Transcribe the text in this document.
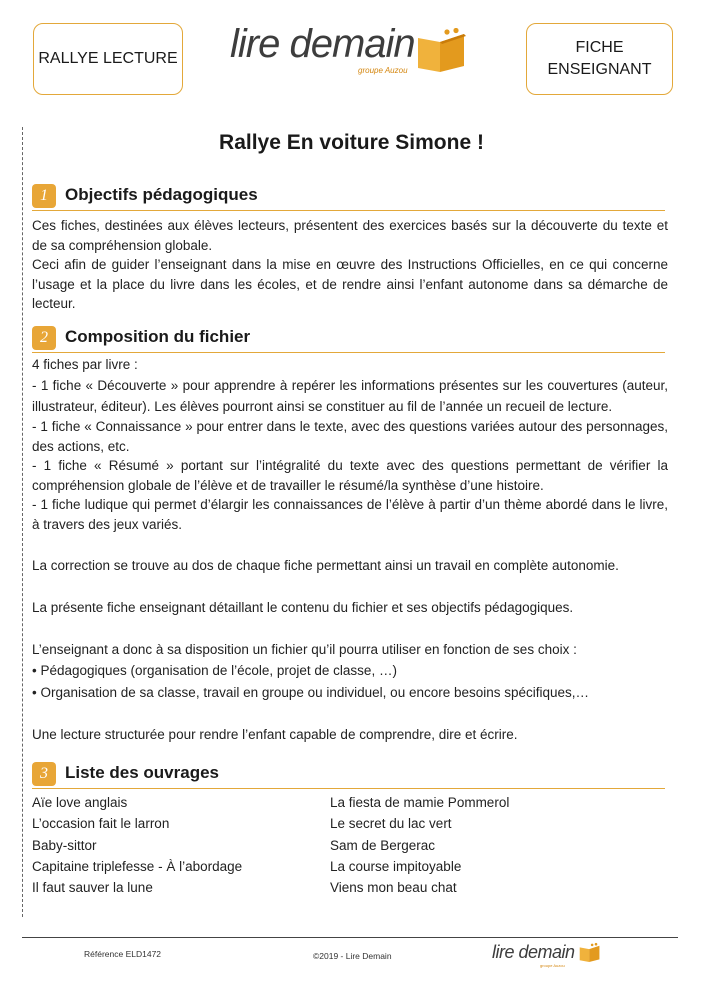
RALLYE LECTURE lire demain
groupe Auzou
FICHE
ENSEIGNANT
Rallye En voiture Simone !
1	Objectifs pédagogiques
Ces fiches, destinées aux élèves lecteurs, présentent des exercices basés sur la découverte du texte et de sa compréhension globale.
Ceci afin de guider l’enseignant dans la mise en œuvre des Instructions Officielles, en ce qui concerne l’usage et la place du livre dans les écoles, et de rendre ainsi l’enfant autonome dans sa démarche de lecteur.
2	Composition du fichier
4 fiches par livre :
- 1 fiche « Découverte » pour apprendre à repérer les informations présentes sur les couvertures (auteur, illustrateur, éditeur). Les élèves pourront ainsi se constituer au fil de l’année un recueil de lecture.
- 1 fiche « Connaissance » pour entrer dans le texte, avec des questions variées autour des personnages, des actions, etc.
- 1 fiche « Résumé » portant sur l’intégralité du texte avec des questions permettant de vérifier la compréhension globale de l’élève et de travailler le résumé/la synthèse d’une histoire.
- 1 fiche ludique qui permet d’élargir les connaissances de l’élève à partir d’un thème abordé dans le livre, à travers des jeux variés.
La correction se trouve au dos de chaque fiche permettant ainsi un travail en complète autonomie.
La présente fiche enseignant détaillant le contenu du fichier et ses objectifs pédagogiques.
L’enseignant a donc à sa disposition un fichier qu’il pourra utiliser en fonction de ses choix :
• Pédagogiques (organisation de l’école, projet de classe, …)
• Organisation de sa classe, travail en groupe ou individuel, ou encore besoins spécifiques,…
Une lecture structurée pour rendre l’enfant capable de comprendre, dire et écrire.
3	Liste des ouvrages
Aïe love anglais
L’occasion fait le larron
Baby-sittor
Capitaine triplefesse - À l’abordage
Il faut sauver la lune
La fiesta de mamie Pommerol
Le secret du lac vert
Sam de Bergerac
La course impitoyable
Viens mon beau chat
Référence ELD1472	©2019 - Lire Demain	lire demain
groupe Auzou
